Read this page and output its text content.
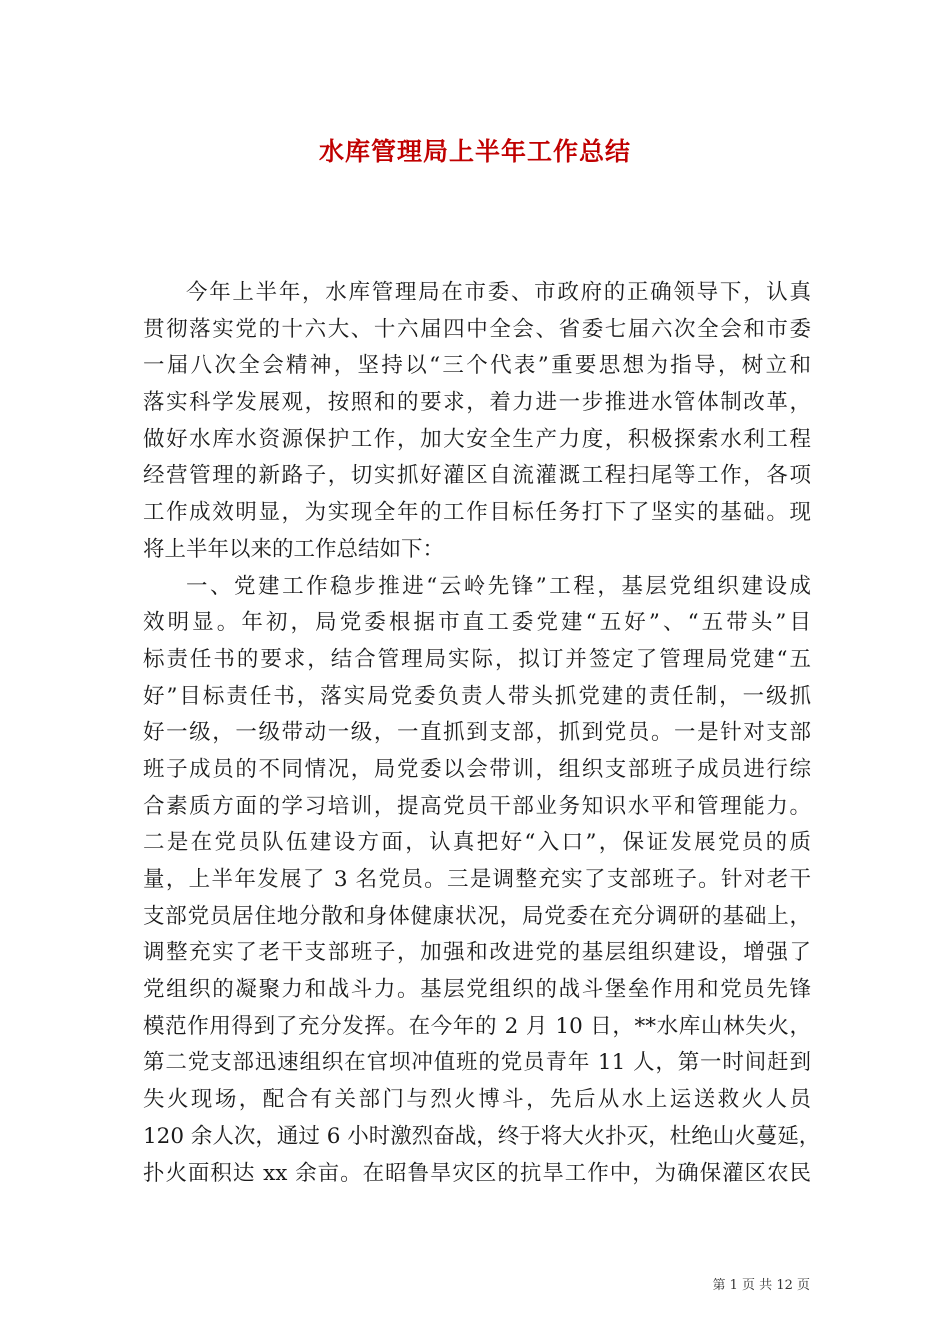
水库管理局上半年工作总结
今年上半年，水库管理局在市委、市政府的正确领导下，认真
贯彻落实党的十六大、十六届四中全会、省委七届六次全会和市委
一届八次全会精神，坚持以“三个代表”重要思想为指导，树立和
落实科学发展观，按照和的要求，着力进一步推进水管体制改革，
做好水库水资源保护工作，加大安全生产力度，积极探索水利工程
经营管理的新路子，切实抓好灌区自流灌溉工程扫尾等工作，各项
工作成效明显，为实现全年的工作目标任务打下了坚实的基础。现
将上半年以来的工作总结如下：
一、党建工作稳步推进“云岭先锋”工程，基层党组织建设成
效明显。年初，局党委根据市直工委党建“五好”、“五带头”目
标责任书的要求，结合管理局实际，拟订并签定了管理局党建“五
好”目标责任书，落实局党委负责人带头抓党建的责任制，一级抓
好一级，一级带动一级，一直抓到支部，抓到党员。一是针对支部
班子成员的不同情况，局党委以会带训，组织支部班子成员进行综
合素质方面的学习培训，提高党员干部业务知识水平和管理能力。
二是在党员队伍建设方面，认真把好“入口”，保证发展党员的质
量，上半年发展了 3 名党员。三是调整充实了支部班子。针对老干
支部党员居住地分散和身体健康状况，局党委在充分调研的基础上，
调整充实了老干支部班子，加强和改进党的基层组织建设，增强了
党组织的凝聚力和战斗力。基层党组织的战斗堡垒作用和党员先锋
模范作用得到了充分发挥。在今年的 2 月 10 日，**水库山林失火，
第二党支部迅速组织在官坝冲值班的党员青年 11 人，第一时间赶到
失火现场，配合有关部门与烈火博斗，先后从水上运送救火人员
120 余人次，通过 6 小时激烈奋战，终于将大火扑灭，杜绝山火蔓延，
扑火面积达 xx 余亩。在昭鲁旱灾区的抗旱工作中，为确保灌区农民
第 1 页 共 12 页
